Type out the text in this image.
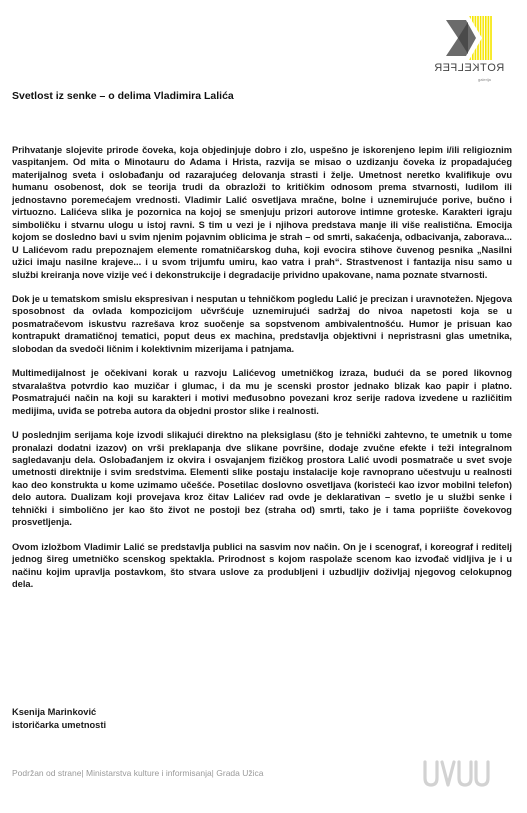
ROTKELFER
galerija
Svetlost iz senke – o delima Vladimira Lalića

Prihvatanje slojevite prirode čoveka, koja objedinjuje dobro i zlo, uspešno je iskorenjeno lepim i/ili religioznim vaspitanjem. Od mita o Minotauru do Adama i Hrista, razvija se misao o uzdizanju čoveka iz propadajućeg materijalnog sveta i oslobađanju od razarajućeg delovanja strasti i želje. Umetnost neretko kvalifikuje ovu humanu osobenost, dok se teorija trudi da obrazloži to kritičkim odnosom prema stvarnosti, ludilom ili jednostavno poremećajem vrednosti. Vladimir Lalić osvetljava mračne, bolne i uznemirujuće porive, bučno i virtuozno. Lalićeva slika je pozornica na kojoj se smenjuju prizori autorove intimne groteske. Karakteri igraju simboličku i stvarnu ulogu u istoj ravni. S tim u vezi je i njihova predstava manje ili više realistična. Emocija kojom se dosledno bavi u svim njenim pojavnim oblicima je strah – od smrti, sakaćenja, odbacivanja, zaborava... U Lalićevom radu prepoznajem elemente romatničarskog duha, koji evocira stihove čuvenog pesnika „Nasilni užici imaju nasilne krajeve... i u svom trijumfu umiru, kao vatra i prah“. Strastvenost i fantazija nisu samo u službi kreiranja nove vizije već i dekonstrukcije i degradacije prividno upakovane, nama poznate stvarnosti.

Dok je u tematskom smislu ekspresivan i nesputan u tehničkom pogledu Lalić je precizan i uravnotežen. Njegova sposobnost da ovlada kompozicijom učvršćuje uznemirujući sadržaj do nivoa napetosti koja se u posmatračevom iskustvu razrešava kroz suočenje sa sopstvenom ambivalentnošću. Humor je prisuan kao kontrapukt dramatičnoj tematici, poput deus ex machina, predstavlja objektivni i nepristrasni glas umetnika, slobodan da svedoči ličnim i kolektivnim mizerijama i patnjama.

Multimedijalnost je očekivani korak u razvoju Lalićevog umetničkog izraza, budući da se pored likovnog stvaralaštva potvrdio kao muzičar i glumac, i da mu je scenski prostor jednako blizak kao papir i platno. Posmatrajući način na koji su karakteri i motivi međusobno povezani kroz serije radova izvedene u različitim medijima, uviđa se potreba autora da objedni prostor slike i realnosti.

U poslednjim serijama koje izvodi slikajući direktno na pleksiglasu (što je tehnički zahtevno, te umetnik u tome pronalazi dodatni izazov) on vrši preklapanja dve slikane površine, dodaje zvučne efekte i teži integralnom sagledavanju dela. Oslobađanjem iz okvira i osvajanjem fizičkog prostora Lalić uvodi posmatrače u svet svoje umetnosti direktnije i svim sredstvima. Elementi slike postaju instalacije koje ravnoprano učestvuju u realnosti kao deo konstrukta u kome uzimamo učešće. Posetilac doslovno osvetljava (koristeći kao izvor mobilni telefon) delo autora. Dualizam koji provejava kroz čitav Lalićev rad ovde je deklarativan – svetlo je u službi senke i tehnički i simbolično jer kao što život ne postoji bez (straha od) smrti, tako je i tama popriište čovekovog prosvetljenja.

Ovom izložbom Vladimir Lalić se predstavlja publici na sasvim nov način. On je i scenograf, i koreograf i reditelj jednog šireg umetničko scenskog spektakla. Prirodnost s kojom raspolaže scenom kao izvođač vidljiva je i u načinu kojim upravlja postavkom, što stvara uslove za produbljeni i uzbudljiv doživljaj njegovog celokupnog dela.

Ksenija Marinković
istoričarka umetnosti
Podržan od strane| Ministarstva kulture i informisanja| Grada Užica
